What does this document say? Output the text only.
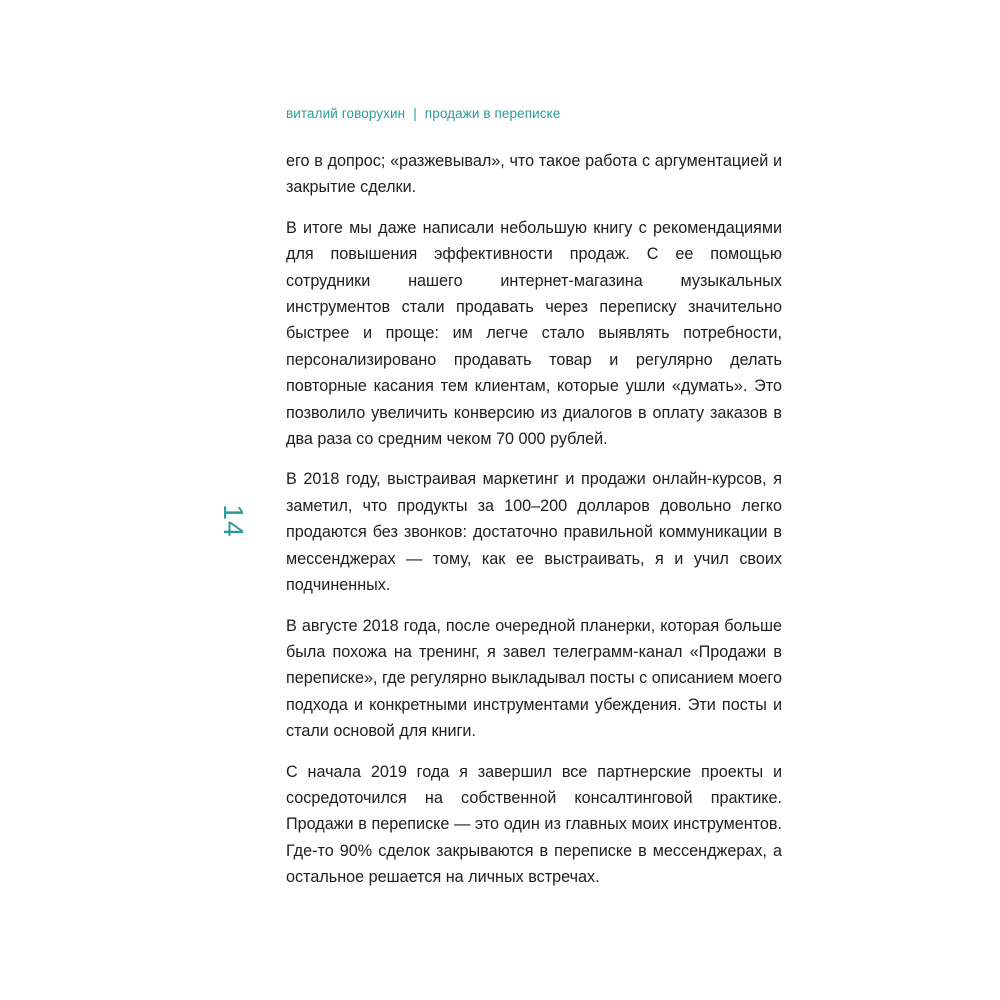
виталий говорухин | продажи в переписке
14

его в допрос; «разжевывал», что такое работа с аргументацией и закрытие сделки.

В итоге мы даже написали небольшую книгу с рекомендациями для повышения эффективности продаж. С ее помощью сотрудники нашего интернет-магазина музыкальных инструментов стали продавать через переписку значительно быстрее и проще: им легче стало выявлять потребности, персонализировано продавать товар и регулярно делать повторные касания тем клиентам, которые ушли «думать». Это позволило увеличить конверсию из диалогов в оплату заказов в два раза со средним чеком 70 000 рублей.

В 2018 году, выстраивая маркетинг и продажи онлайн-курсов, я заметил, что продукты за 100–200 долларов довольно легко продаются без звонков: достаточно правильной коммуникации в мессенджерах — тому, как ее выстраивать, я и учил своих подчиненных.

В августе 2018 года, после очередной планерки, которая больше была похожа на тренинг, я завел телеграмм-канал «Продажи в переписке», где регулярно выкладывал посты с описанием моего подхода и конкретными инструментами убеждения. Эти посты и стали основой для книги.

С начала 2019 года я завершил все партнерские проекты и сосредоточился на собственной консалтинговой практике. Продажи в переписке — это один из главных моих инструментов. Где-то 90% сделок закрываются в переписке в мессенджерах, а остальное решается на личных встречах.
